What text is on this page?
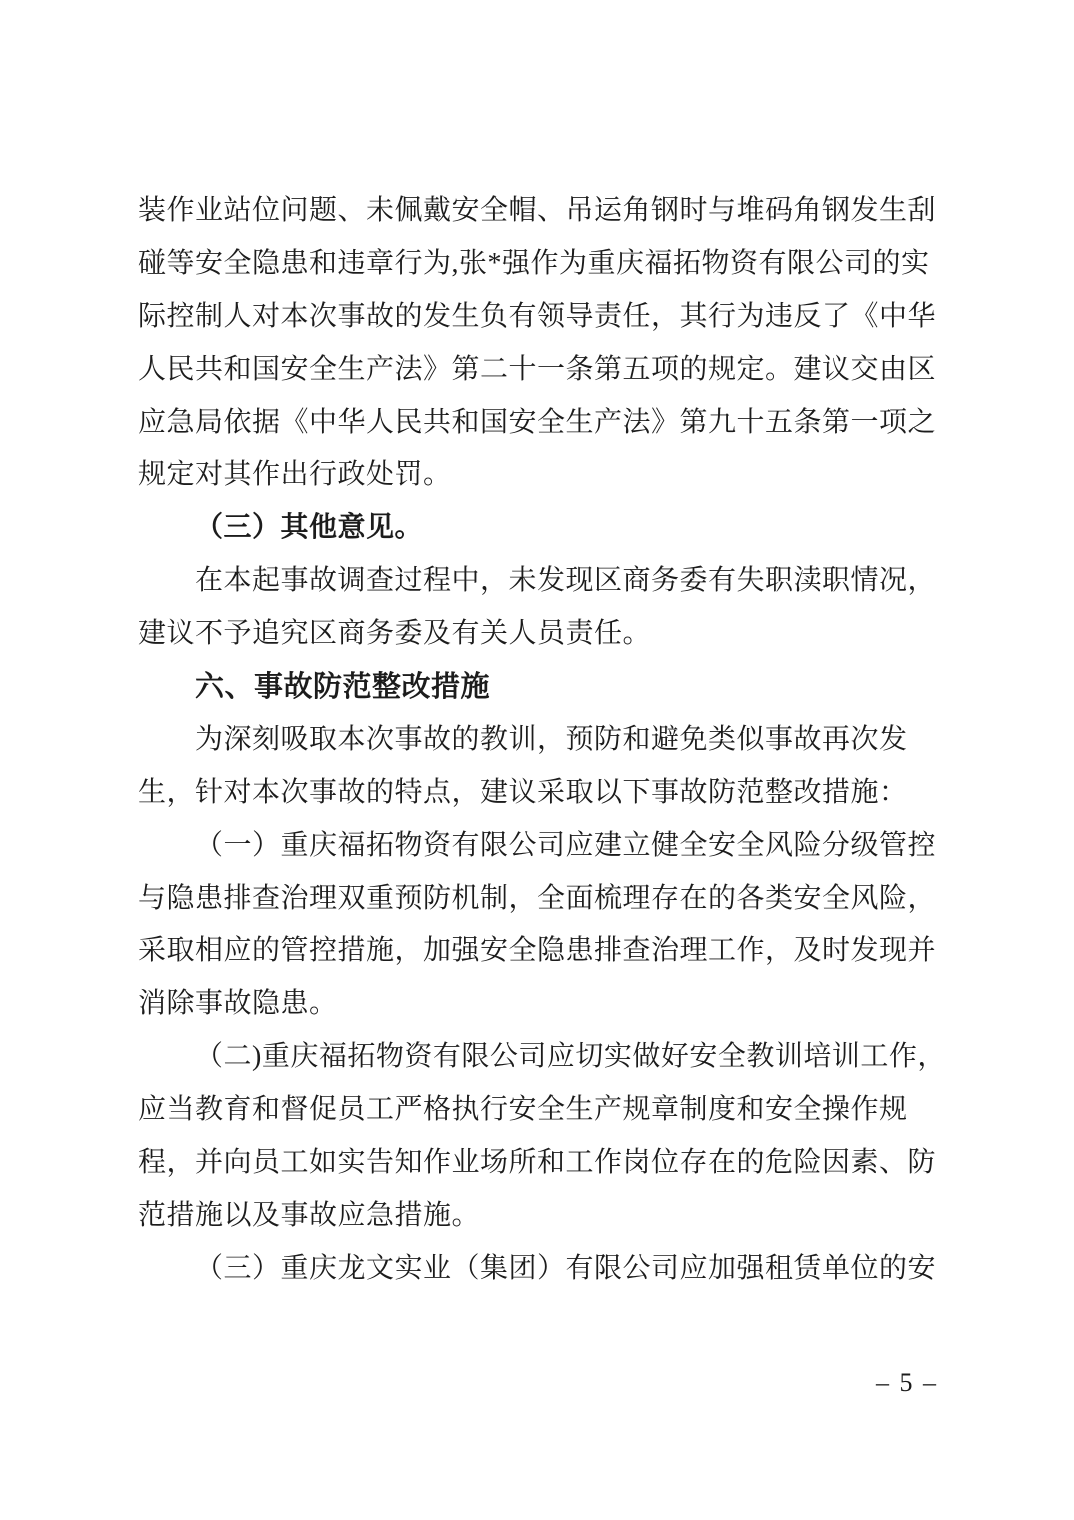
装作业站位问题、未佩戴安全帽、吊运角钢时与堆码角钢发生刮
碰等安全隐患和违章行为,张*强作为重庆福拓物资有限公司的实
际控制人对本次事故的发生负有领导责任，其行为违反了《中华
人民共和国安全生产法》第二十一条第五项的规定。建议交由区
应急局依据《中华人民共和国安全生产法》第九十五条第一项之
规定对其作出行政处罚。
（三）其他意见。
在本起事故调查过程中，未发现区商务委有失职渎职情况，
建议不予追究区商务委及有关人员责任。
六、事故防范整改措施
为深刻吸取本次事故的教训，预防和避免类似事故再次发
生，针对本次事故的特点，建议采取以下事故防范整改措施：
（一）重庆福拓物资有限公司应建立健全安全风险分级管控
与隐患排查治理双重预防机制，全面梳理存在的各类安全风险，
采取相应的管控措施，加强安全隐患排查治理工作，及时发现并
消除事故隐患。
（二)重庆福拓物资有限公司应切实做好安全教训培训工作，
应当教育和督促员工严格执行安全生产规章制度和安全操作规
程，并向员工如实告知作业场所和工作岗位存在的危险因素、防
范措施以及事故应急措施。
（三）重庆龙文实业（集团）有限公司应加强租赁单位的安
– 5 –
